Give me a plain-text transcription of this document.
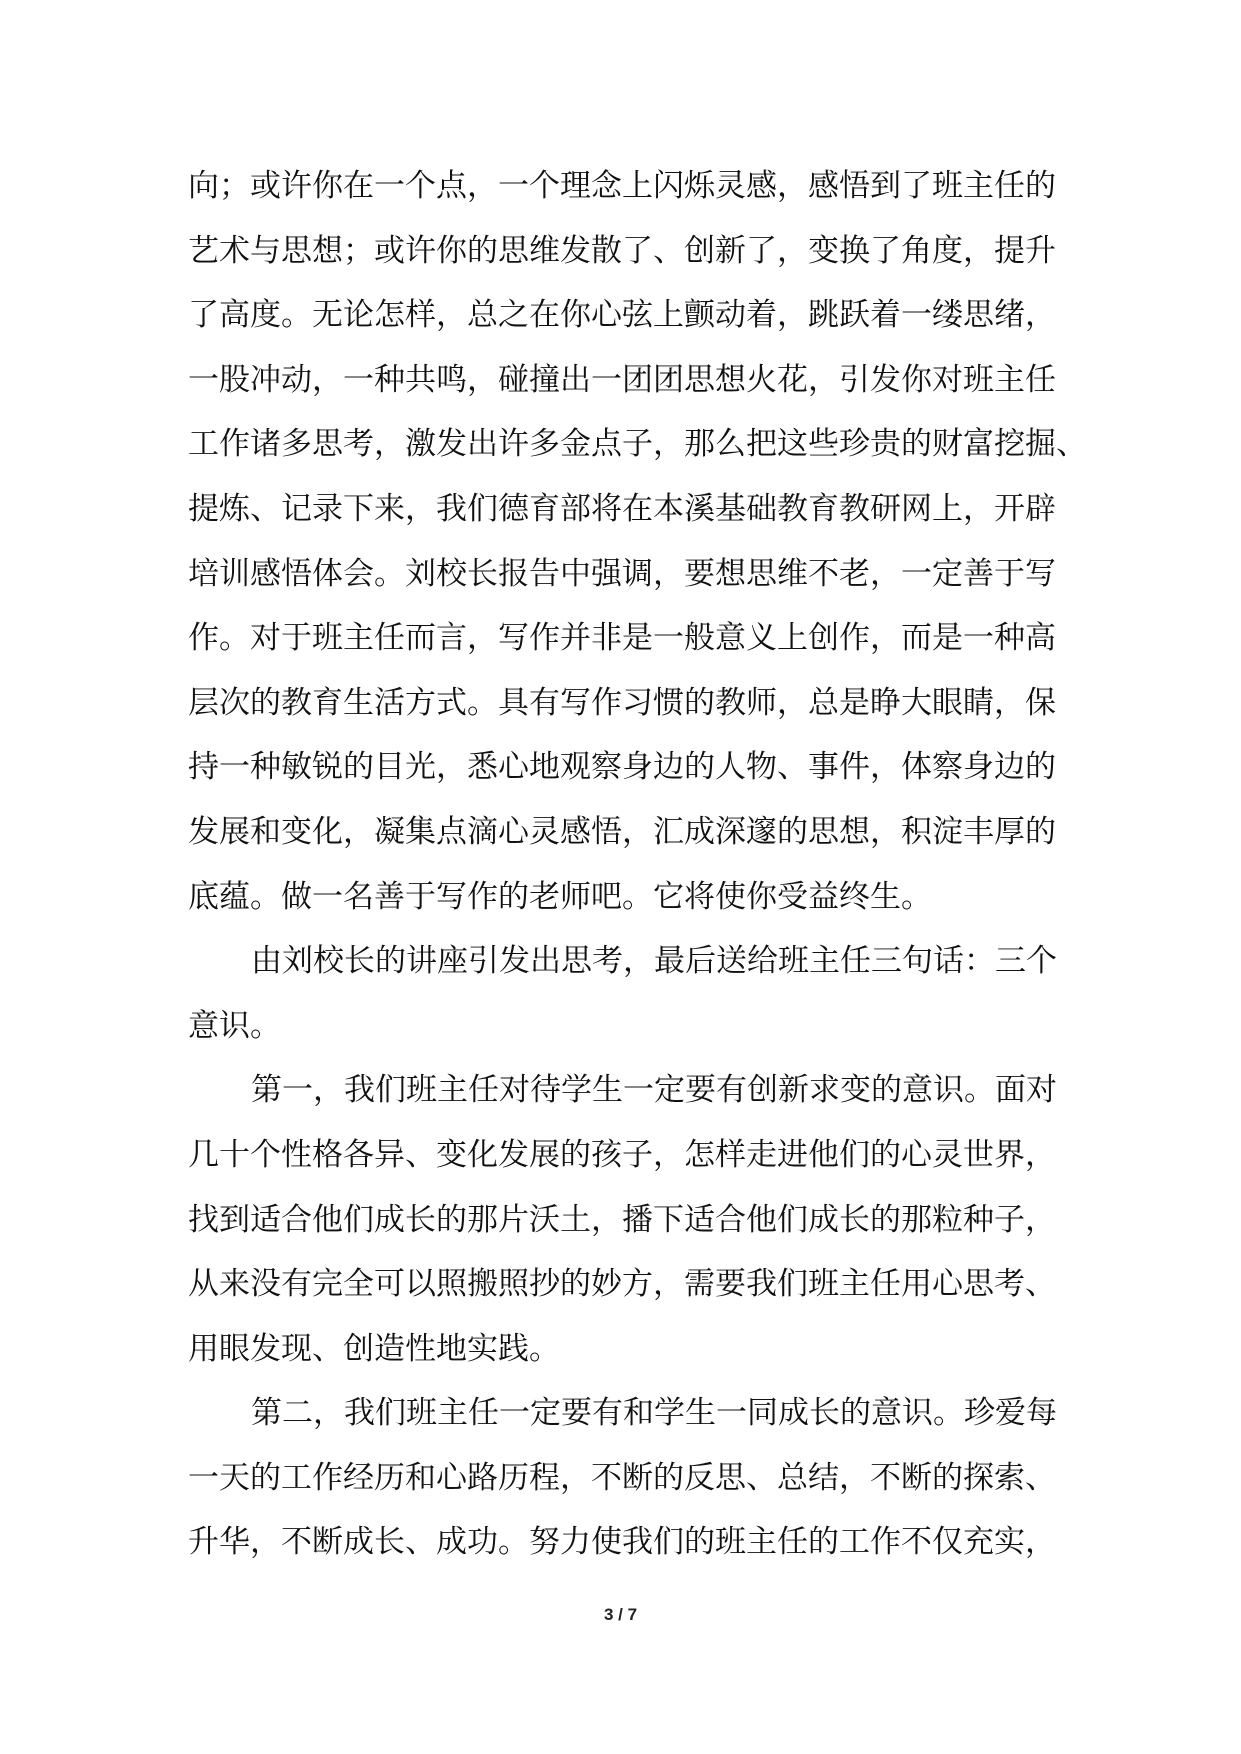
向；或许你在一个点，一个理念上闪烁灵感，感悟到了班主任的
艺术与思想；或许你的思维发散了、创新了，变换了角度，提升
了高度。无论怎样，总之在你心弦上颤动着，跳跃着一缕思绪，
一股冲动，一种共鸣，碰撞出一团团思想火花，引发你对班主任
工作诸多思考，激发出许多金点子，那么把这些珍贵的财富挖掘、
提炼、记录下来，我们德育部将在本溪基础教育教研网上，开辟
培训感悟体会。刘校长报告中强调，要想思维不老，一定善于写
作。对于班主任而言，写作并非是一般意义上创作，而是一种高
层次的教育生活方式。具有写作习惯的教师，总是睁大眼睛，保
持一种敏锐的目光，悉心地观察身边的人物、事件，体察身边的
发展和变化，凝集点滴心灵感悟，汇成深邃的思想，积淀丰厚的
底蕴。做一名善于写作的老师吧。它将使你受益终生。
由刘校长的讲座引发出思考，最后送给班主任三句话：三个
意识。
第一，我们班主任对待学生一定要有创新求变的意识。面对
几十个性格各异、变化发展的孩子，怎样走进他们的心灵世界，
找到适合他们成长的那片沃土，播下适合他们成长的那粒种子，
从来没有完全可以照搬照抄的妙方，需要我们班主任用心思考、
用眼发现、创造性地实践。
第二，我们班主任一定要有和学生一同成长的意识。珍爱每
一天的工作经历和心路历程，不断的反思、总结，不断的探索、
升华，不断成长、成功。努力使我们的班主任的工作不仅充实，
3 / 7
